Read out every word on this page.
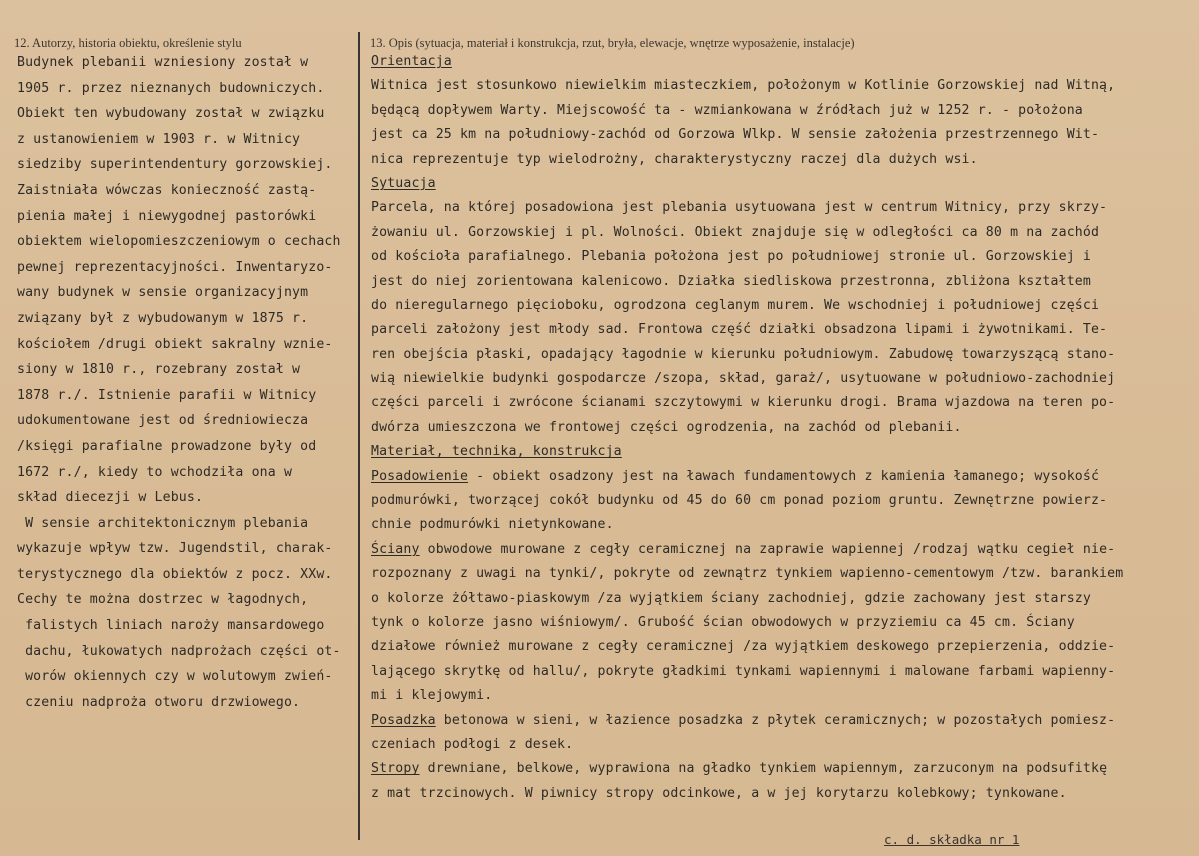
12. Autorzy, historia obiektu, określenie stylu	13. Opis (sytuacja, materiał i konstrukcja, rzut, bryła, elewacje, wnętrze wyposażenie, instalacje)
Budynek plebanii wzniesiony został w
1905 r. przez nieznanych budowniczych.
Obiekt ten wybudowany został w związku
z ustanowieniem w 1903 r. w Witnicy
siedziby superintendentury gorzowskiej.
Zaistniała wówczas konieczność zastą-
pienia małej i niewygodnej pastorówki
obiektem wielopomieszczeniowym o cechach
pewnej reprezentacyjności. Inwentaryzo-
wany budynek w sensie organizacyjnym
związany był z wybudowanym w 1875 r.
kościołem /drugi obiekt sakralny wznie-
siony w 1810 r., rozebrany został w
1878 r./. Istnienie parafii w Witnicy
udokumentowane jest od średniowiecza
/księgi parafialne prowadzone były od
1672 r./, kiedy to wchodziła ona w
skład diecezji w Lebus.
W sensie architektonicznym plebania
wykazuje wpływ tzw. Jugendstil, charak-
terystycznego dla obiektów z pocz. XXw.
Cechy te można dostrzec w łagodnych,
falistych liniach naroży mansardowego
dachu, łukowatych nadprożach części ot-
worów okiennych czy w wolutowym zwień-
czeniu nadproża otworu drzwiowego.
Orientacja
Witnica jest stosunkowo niewielkim miasteczkiem, położonym w Kotlinie Gorzowskiej nad Witną,
będącą dopływem Warty. Miejscowość ta - wzmiankowana w źródłach już w 1252 r. - położona
jest ca 25 km na południowy-zachód od Gorzowa Wlkp. W sensie założenia przestrzennego Wit-
nica reprezentuje typ wielodrożny, charakterystyczny raczej dla dużych wsi.
Sytuacja
Parcela, na której posadowiona jest plebania usytuowana jest w centrum Witnicy, przy skrzy-
żowaniu ul. Gorzowskiej i pl. Wolności. Obiekt znajduje się w odległości ca 80 m na zachód
od kościoła parafialnego. Plebania położona jest po południowej stronie ul. Gorzowskiej i
jest do niej zorientowana kalenicowo. Działka siedliskowa przestronna, zbliżona kształtem
do nieregularnego pięcioboku, ogrodzona ceglanym murem. We wschodniej i południowej części
parceli założony jest młody sad. Frontowa część działki obsadzona lipami i żywotnikami. Te-
ren obejścia płaski, opadający łagodnie w kierunku południowym. Zabudowę towarzyszącą stano-
wią niewielkie budynki gospodarcze /szopa, skład, garaż/, usytuowane w południowo-zachodniej
części parceli i zwrócone ścianami szczytowymi w kierunku drogi. Brama wjazdowa na teren po-
dwórza umieszczona we frontowej części ogrodzenia, na zachód od plebanii.
Materiał, technika, konstrukcja
Posadowienie - obiekt osadzony jest na ławach fundamentowych z kamienia łamanego; wysokość
podmurówki, tworzącej cokół budynku od 45 do 60 cm ponad poziom gruntu. Zewnętrzne powierz-
chnie podmurówki nietynkowane.
Ściany obwodowe murowane z cegły ceramicznej na zaprawie wapiennej /rodzaj wątku cegieł nie-
rozpoznany z uwagi na tynki/, pokryte od zewnątrz tynkiem wapienno-cementowym /tzw. barankiem
o kolorze żółtawo-piaskowym /za wyjątkiem ściany zachodniej, gdzie zachowany jest starszy
tynk o kolorze jasno wiśniowym/. Grubość ścian obwodowych w przyziemiu ca 45 cm. Ściany
działowe również murowane z cegły ceramicznej /za wyjątkiem deskowego przepierzenia, oddzie-
lającego skrytkę od hallu/, pokryte gładkimi tynkami wapiennymi i malowane farbami wapienny-
mi i klejowymi.
Posadzka betonowa w sieni, w łazience posadzka z płytek ceramicznych; w pozostałych pomiesz-
czeniach podłogi z desek.
Stropy drewniane, belkowe, wyprawiona na gładko tynkiem wapiennym, zarzuconym na podsufitkę
z mat trzcinowych. W piwnicy stropy odcinkowe, a w jej korytarzu kolebkowy; tynkowane.
c. d. składka nr 1
